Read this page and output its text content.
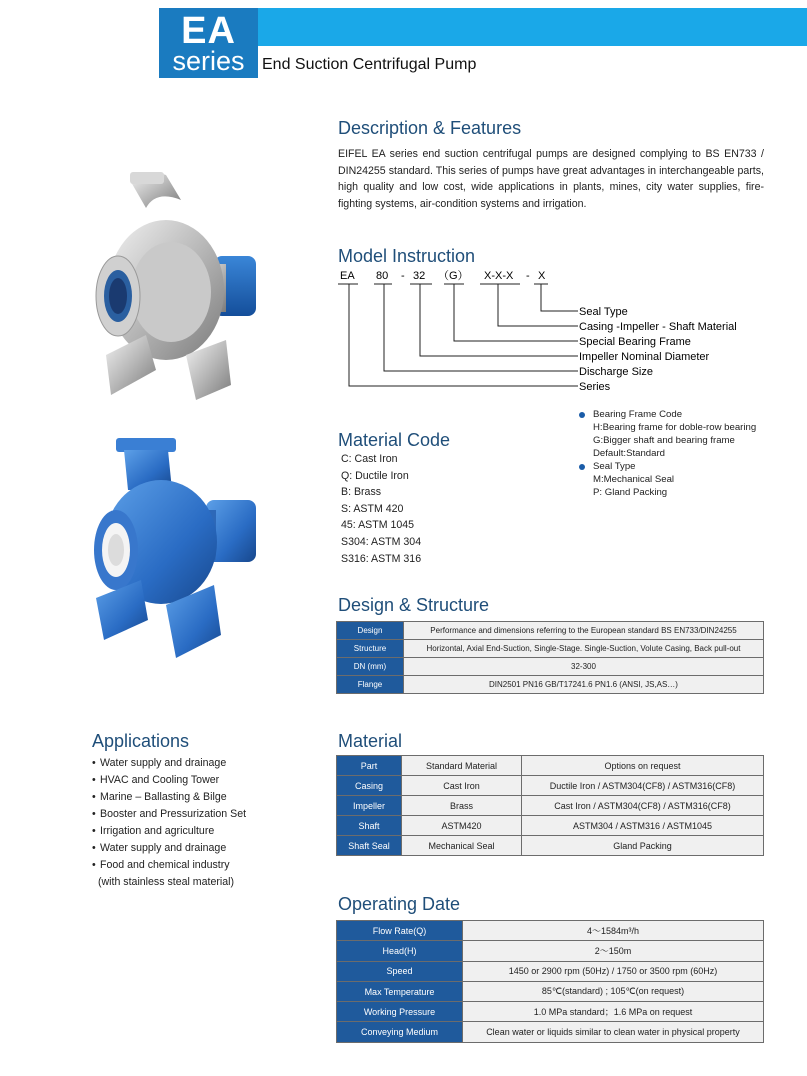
EA
series	End Suction Centrifugal Pump
Description & Features
EIFEL EA series end suction centrifugal pumps are designed complying to BS EN733 / DIN24255 standard. This series of pumps have great advantages in interchangeable parts, high quality and low cost, wide applications in plants, mines, city water supplies, fire-fighting systems, air-condition systems and irrigation.
Model Instruction
EA 80 - 32 （G） X-X-X - X
Seal Type
Casing -Impeller - Shaft Material
Special Bearing Frame
Impeller Nominal Diameter
Discharge Size
Series
Bearing Frame Code
H:Bearing frame for doble-row bearing
G:Bigger shaft and bearing frame
Default:Standard
Seal Type
M:Mechanical Seal
P: Gland Packing
Material Code
C: Cast Iron
Q: Ductile Iron
B: Brass
S: ASTM 420
45: ASTM 1045
S304: ASTM 304
S316: ASTM 316
Design & Structure
Design	Performance and dimensions referring to the European standard BS EN733/DIN24255
Structure	Horizontal, Axial End-Suction, Single-Stage. Single-Suction, Volute Casing, Back pull-out
DN (mm)	32-300
Flange	DIN2501 PN16 GB/T17241.6 PN1.6 (ANSI, JS,AS…)
Applications
• Water supply and drainage
• HVAC and Cooling Tower
• Marine – Ballasting & Bilge
• Booster and Pressurization Set
• Irrigation and agriculture
• Water supply and drainage
• Food and chemical industry
(with stainless steal material)
Material
Part	Standard Material	Options on request
Casing	Cast Iron	Ductile Iron / ASTM304(CF8) / ASTM316(CF8)
Impeller	Brass	Cast Iron / ASTM304(CF8) / ASTM316(CF8)
Shaft	ASTM420	ASTM304 / ASTM316 / ASTM1045
Shaft Seal	Mechanical Seal	Gland Packing
Operating Date
Flow Rate(Q)	4～1584m³/h
Head(H)	2～150m
Speed	1450 or 2900 rpm (50Hz) / 1750 or 3500 rpm (60Hz)
Max Temperature	85℃(standard) ; 105℃(on request)
Working Pressure	1.0 MPa standard；1.6 MPa on request
Conveying Medium	Clean water or liquids similar to clean water in physical property
